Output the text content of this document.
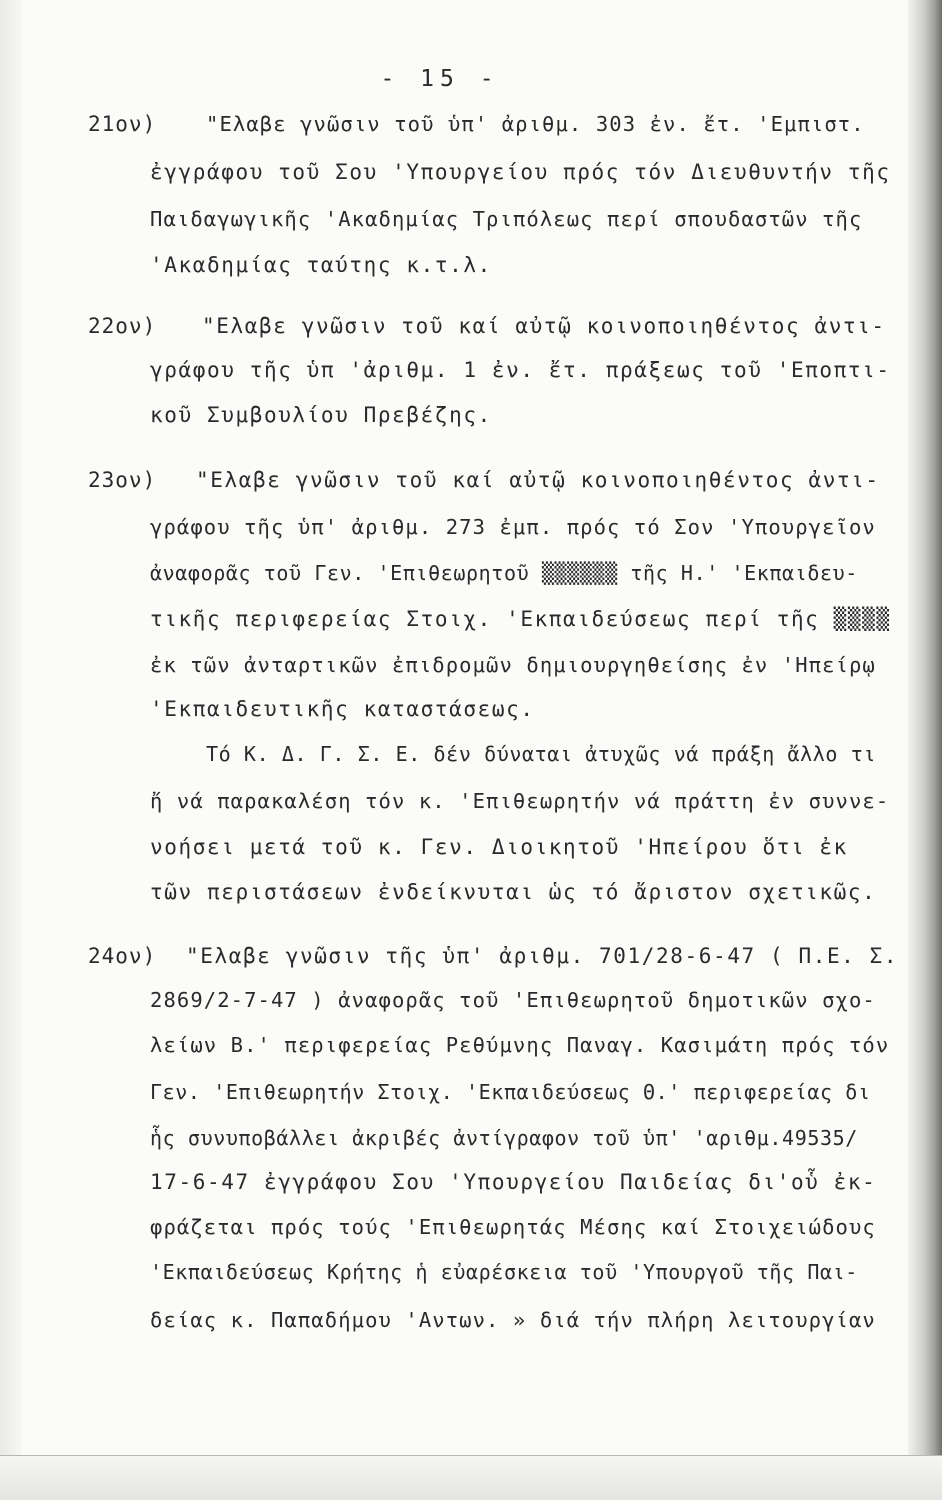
- 15 -
21ον) "Ελαβε γνῶσιν τοῦ ὑπ' ἀριθμ. 303 ἐν. ἔτ. 'Εμπιστ.
ἐγγράφου τοῦ Σου 'Υπουργείου πρός τόν Διευθυντήν τῆς
Παιδαγωγικῆς 'Ακαδημίας Τριπόλεως περί σπουδαστῶν τῆς
'Ακαδημίας ταύτης κ.τ.λ.
22ον) "Ελαβε γνῶσιν τοῦ καί αὐτῷ κοινοποιηθέντος ἀντι-
γράφου τῆς ὑπ 'ἀριθμ. 1 ἐν. ἔτ. πράξεως τοῦ 'Εποπτι-
κοῦ Συμβουλίου Πρεβέζης.
23ον) "Ελαβε γνῶσιν τοῦ καί αὐτῷ κοινοποιηθέντος ἀντι-
γράφου τῆς ὑπ' ἀριθμ. 273 ἐμπ. πρός τό Σον 'Υπουργεῖον
ἀναφορᾶς τοῦ Γεν. 'Επιθεωρητοῦ ▒▒▒▒▒▒ τῆς Η.' 'Εκπαιδευ-
τικῆς περιφερείας Στοιχ. 'Εκπαιδεύσεως περί τῆς ▒▒▒▒
ἐκ τῶν ἀνταρτικῶν ἐπιδρομῶν δημιουργηθείσης ἐν 'Ηπείρῳ
'Εκπαιδευτικῆς καταστάσεως.
Τό Κ. Δ. Γ. Σ. Ε. δέν δύναται ἀτυχῶς νά πράξη ἄλλο τι
ἤ νά παρακαλέση τόν κ. 'Επιθεωρητήν νά πράττη ἐν συννε-
νοήσει μετά τοῦ κ. Γεν. Διοικητοῦ 'Ηπείρου ὅτι ἐκ
τῶν περιστάσεων ἐνδείκνυται ὡς τό ἄριστον σχετικῶς.
24ον) "Ελαβε γνῶσιν τῆς ὑπ' ἀριθμ. 701/28-6-47 ( Π.Ε. Σ.
2869/2-7-47 ) ἀναφορᾶς τοῦ 'Επιθεωρητοῦ δημοτικῶν σχο-
λείων Β.' περιφερείας Ρεθύμνης Παναγ. Κασιμάτη πρός τόν
Γεν. 'Επιθεωρητήν Στοιχ. 'Εκπαιδεύσεως Θ.' περιφερείας δι
ἧς συνυποβάλλει ἀκριβές ἀντίγραφον τοῦ ὑπ' 'αριθμ.49535/
17-6-47 ἐγγράφου Σου 'Υπουργείου Παιδείας δι'οὗ ἐκ-
φράζεται πρός τούς 'Επιθεωρητάς Μέσης καί Στοιχειώδους
'Εκπαιδεύσεως Κρήτης ἡ εὐαρέσκεια τοῦ 'Υπουργοῦ τῆς Παι-
δείας κ. Παπαδήμου 'Αντων. » διά τήν πλήρη λειτουργίαν
